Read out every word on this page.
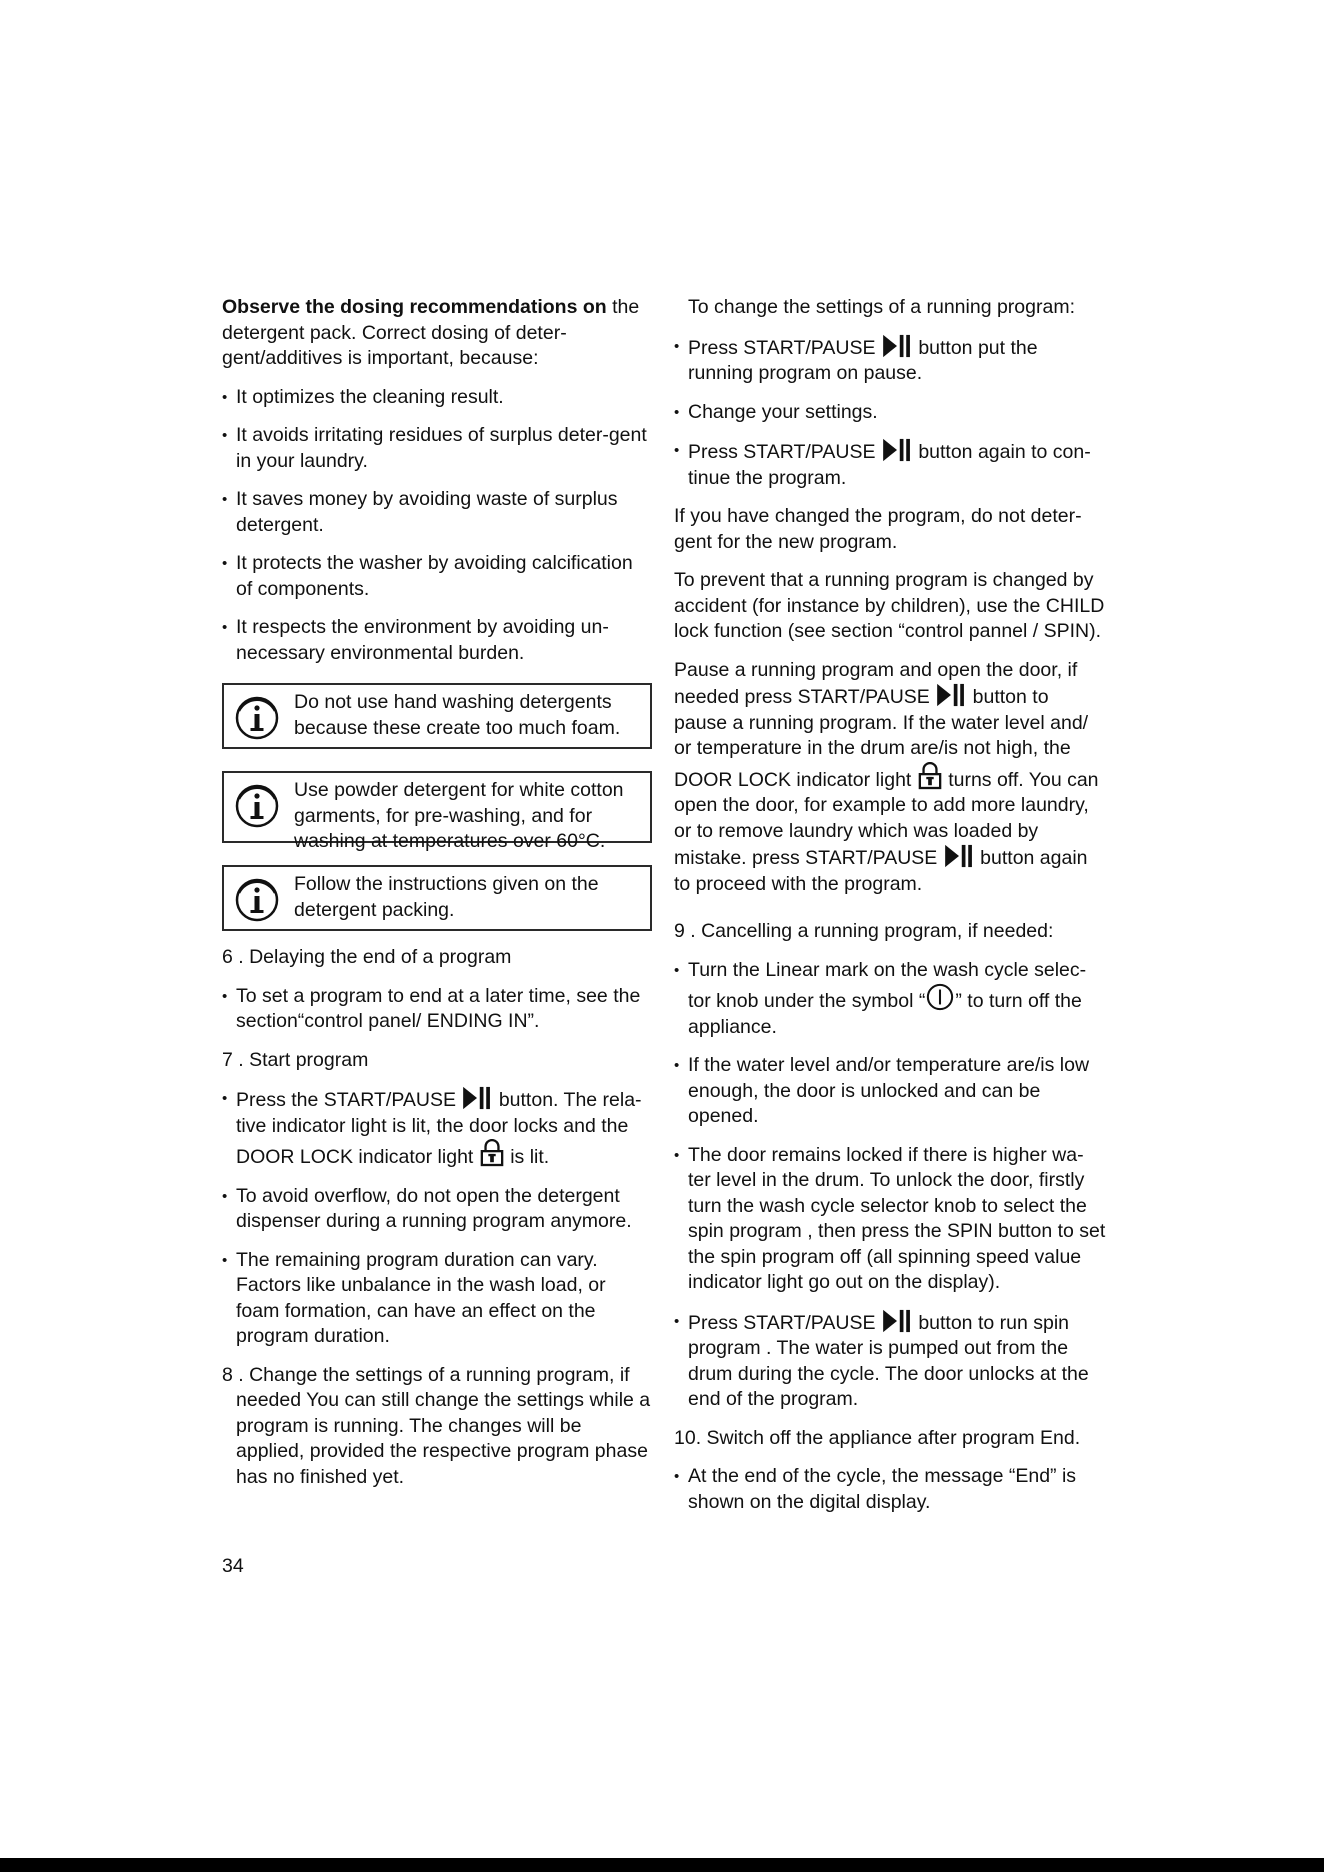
Observe the dosing recommendations on the detergent pack. Correct dosing of deter-gent/additives is important, because:

• It optimizes the cleaning result.
• It avoids irritating residues of surplus deter-gent in your laundry.
• It saves money by avoiding waste of surplus detergent.
• It protects the washer by avoiding calcification of components.
• It respects the environment by avoiding un-necessary environmental burden.
Do not use hand washing detergents because these create too much foam.
Use powder detergent for white cotton garments, for pre-washing, and for washing at temperatures over 60°C.
Follow the instructions given on the detergent packing.

6 . Delaying the end of a program

• To set a program to end at a later time, see the section“control panel/ ENDING IN”.

7 . Start program

• Press the START/PAUSE button. The rela-tive indicator light is lit, the door locks and the DOOR LOCK indicator light is lit.
• To avoid overflow, do not open the detergent dispenser during a running program anymore.
• The remaining program duration can vary. Factors like unbalance in the wash load, or foam formation, can have an effect on the program duration.

8 . Change the settings of a running program, if needed You can still change the settings while a program is running. The changes will be applied, provided the respective program phase has no finished yet.

To change the settings of a running program:

• Press START/PAUSE button put the running program on pause.
• Change your settings.
• Press START/PAUSE button again to con-tinue the program.

If you have changed the program, do not deter-gent for the new program.

To prevent that a running program is changed by accident (for instance by children), use the CHILD lock function (see section “control pannel / SPIN).

Pause a running program and open the door, if needed press START/PAUSE button to pause a running program. If the water level and/ or temperature in the drum are/is not high, the DOOR LOCK indicator light turns off. You can open the door, for example to add more laundry, or to remove laundry which was loaded by mistake. press START/PAUSE button again to proceed with the program.

9 . Cancelling a running program, if needed:

• Turn the Linear mark on the wash cycle selec-tor knob under the symbol “ ” to turn off the appliance.
• If the water level and/or temperature are/is low enough, the door is unlocked and can be opened.
• The door remains locked if there is higher wa-ter level in the drum. To unlock the door, firstly turn the wash cycle selector knob to select the spin program , then press the SPIN button to set the spin program off (all spinning speed value indicator light go out on the display).
• Press START/PAUSE button to run spin program . The water is pumped out from the drum during the cycle. The door unlocks at the end of the program.

10. Switch off the appliance after program End.

• At the end of the cycle, the message “End” is shown on the digital display.
34
